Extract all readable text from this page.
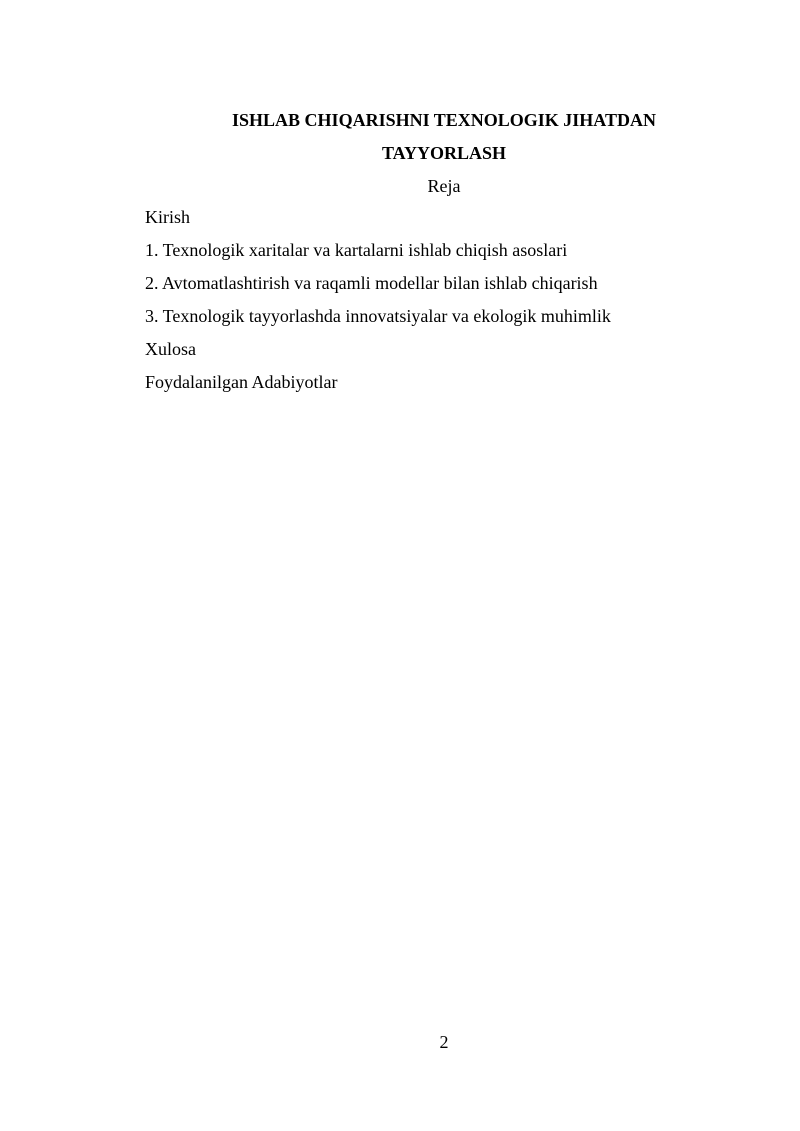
ISHLAB CHIQARISHNI TEXNOLOGIK JIHATDAN
TAYYORLASH
Reja
Kirish
1. Texnologik xaritalar va kartalarni ishlab chiqish asoslari
2. Avtomatlashtirish va raqamli modellar bilan ishlab chiqarish
3. Texnologik tayyorlashda innovatsiyalar va ekologik muhimlik
Xulosa
Foydalanilgan Adabiyotlar
2
